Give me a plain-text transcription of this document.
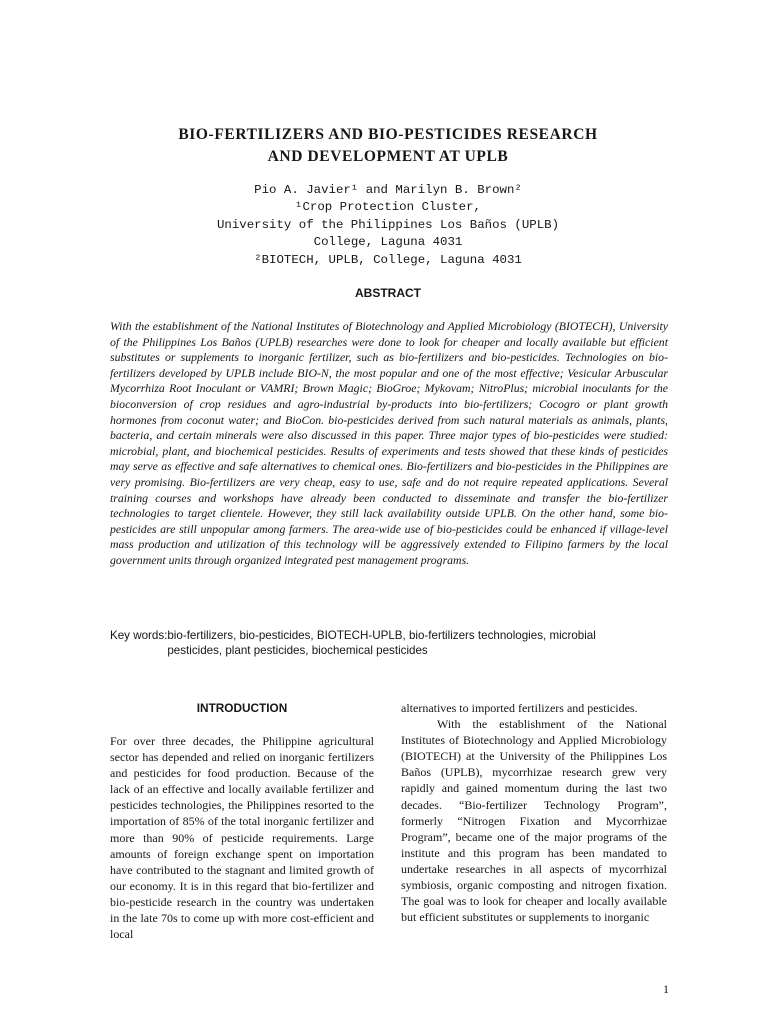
BIO-FERTILIZERS AND BIO-PESTICIDES RESEARCH
AND DEVELOPMENT AT UPLB
Pio A. Javier¹ and Marilyn B. Brown²
¹Crop Protection Cluster,
University of the Philippines Los Baños (UPLB)
College, Laguna 4031
²BIOTECH, UPLB, College, Laguna 4031
ABSTRACT

With the establishment of the National Institutes of Biotechnology and Applied Microbiology (BIOTECH), University of the Philippines Los Baños (UPLB) researches were done to look for cheaper and locally available but efficient substitutes or supplements to inorganic fertilizer, such as bio-fertilizers and bio-pesticides. Technologies on bio-fertilizers developed by UPLB include BIO-N, the most popular and one of the most effective; Vesicular Arbuscular Mycorrhiza Root Inoculant or VAMRI; Brown Magic; BioGroe; Mykovam; NitroPlus; microbial inoculants for the bioconversion of crop residues and agro-industrial by-products into bio-fertilizers; Cocogro or plant growth hormones from coconut water; and BioCon. bio-pesticides derived from such natural materials as animals, plants, bacteria, and certain minerals were also discussed in this paper. Three major types of bio-pesticides were studied: microbial, plant, and biochemical pesticides. Results of experiments and tests showed that these kinds of pesticides may serve as effective and safe alternatives to chemical ones. Bio-fertilizers and bio-pesticides in the Philippines are very promising. Bio-fertilizers are very cheap, easy to use, safe and do not require repeated applications. Several training courses and workshops have already been conducted to disseminate and transfer the bio-fertilizer technologies to target clientele. However, they still lack availability outside UPLB. On the other hand, some bio-pesticides are still unpopular among farmers. The area-wide use of bio-pesticides could be enhanced if village-level mass production and utilization of this technology will be aggressively extended to Filipino farmers by the local government units through organized integrated pest management programs.

Key words: bio-fertilizers, bio-pesticides, BIOTECH-UPLB, bio-fertilizers technologies, microbial
pesticides, plant pesticides, biochemical pesticides
INTRODUCTION

For over three decades, the Philippine agricultural sector has depended and relied on inorganic fertilizers and pesticides for food production. Because of the lack of an effective and locally available fertilizer and pesticides technologies, the Philippines resorted to the importation of 85% of the total inorganic fertilizer and more than 90% of pesticide requirements. Large amounts of foreign exchange spent on importation have contributed to the stagnant and limited growth of our economy. It is in this regard that bio-fertilizer and bio-pesticide research in the country was undertaken in the late 70s to come up with more cost-efficient and local

alternatives to imported fertilizers and pesticides.

With the establishment of the National Institutes of Biotechnology and Applied Microbiology (BIOTECH) at the University of the Philippines Los Baños (UPLB), mycorrhizae research grew very rapidly and gained momentum during the last two decades. “Bio-fertilizer Technology Program”, formerly “Nitrogen Fixation and Mycorrhizae Program”, became one of the major programs of the institute and this program has been mandated to undertake researches in all aspects of mycorrhizal symbiosis, organic composting and nitrogen fixation. The goal was to look for cheaper and locally available but efficient substitutes or supplements to inorganic

1
